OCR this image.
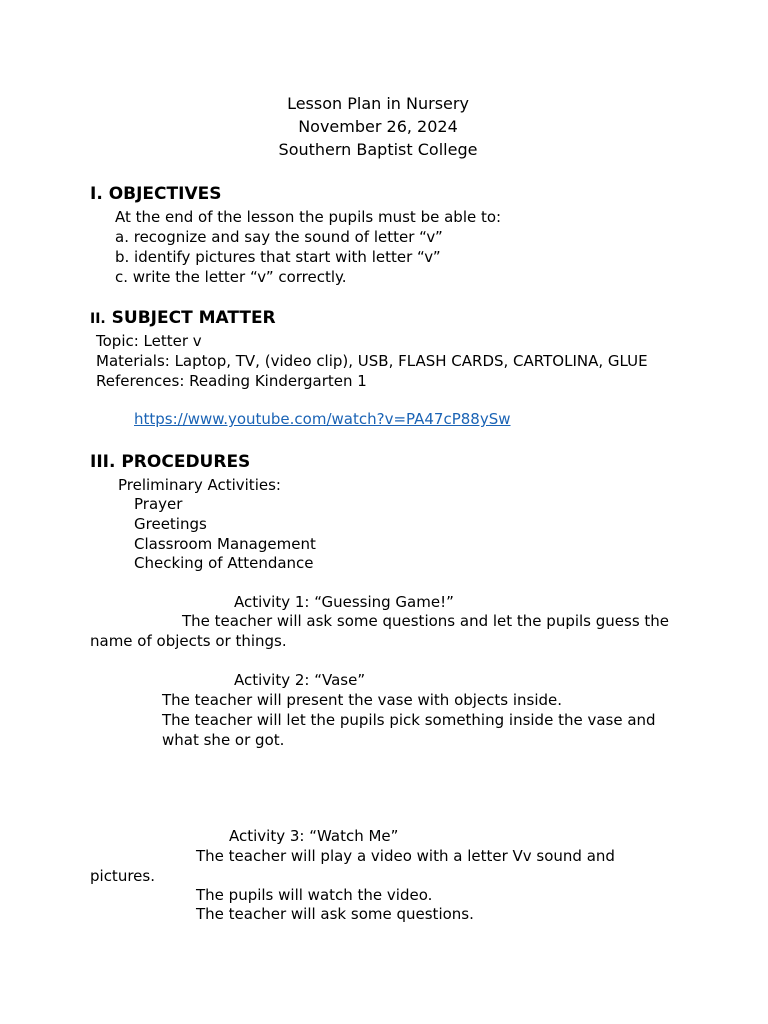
Lesson Plan in Nursery
November 26, 2024
Southern Baptist College
I. OBJECTIVES
At the end of the lesson the pupils must be able to:
a. recognize and say the sound of letter “v”
b. identify pictures that start with letter “v”
c. write the letter “v” correctly.
II. SUBJECT MATTER
Topic: Letter v
Materials: Laptop, TV, (video clip), USB, FLASH CARDS, CARTOLINA, GLUE
References: Reading Kindergarten 1
https://www.youtube.com/watch?v=PA47cP88ySw
III. PROCEDURES
Preliminary Activities:
Prayer
Greetings
Classroom Management
Checking of Attendance
Activity 1: “Guessing Game!”
The teacher will ask some questions and let the pupils guess the
name of objects or things.
Activity 2: “Vase”
The teacher will present the vase with objects inside.
The teacher will let the pupils pick something inside the vase and
what she or got.
Activity 3: “Watch Me”
The teacher will play a video with a letter Vv sound and
pictures.
The pupils will watch the video.
The teacher will ask some questions.
